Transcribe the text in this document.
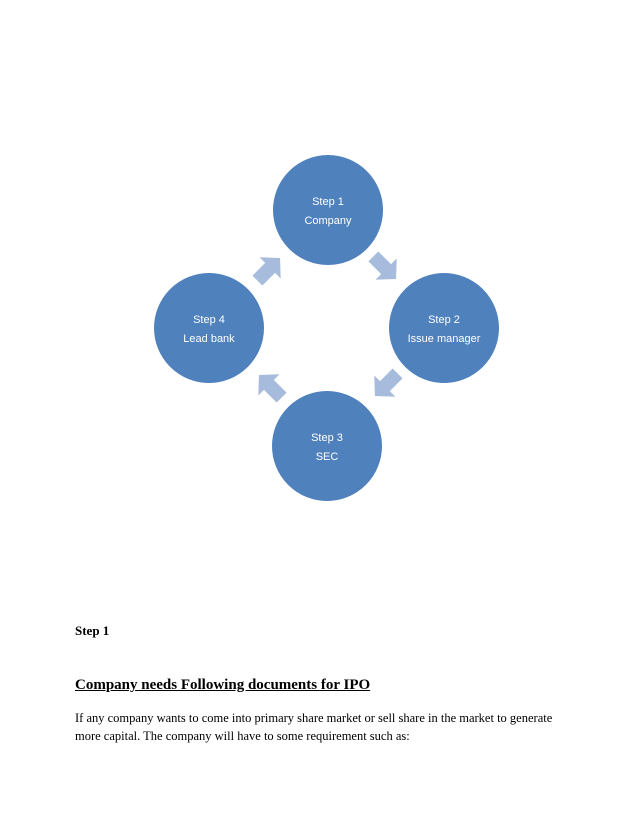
Step 1
Company
Step 2
Issue manager
Step 3
SEC
Step 4
Lead bank

Step 1

Company needs Following documents for IPO

If any company wants to come into primary share market or sell share in the market to generate more capital. The company will have to some requirement such as:
